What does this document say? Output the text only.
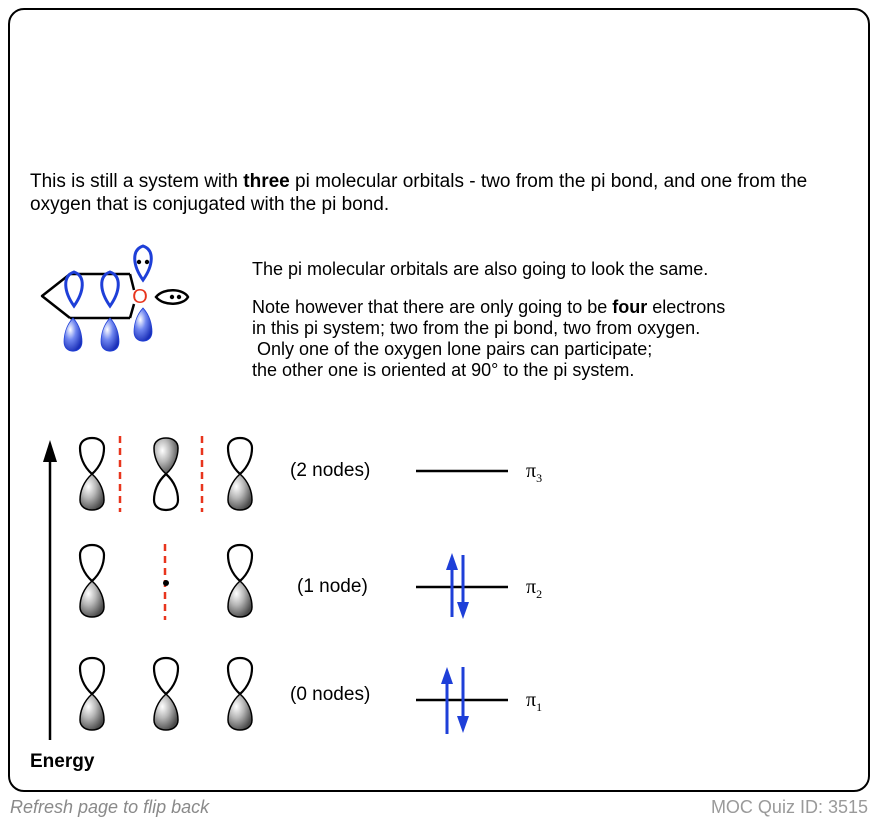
This is still a system with three pi molecular orbitals - two from the pi bond, and one from the oxygen that is conjugated with the pi bond.

The pi molecular orbitals are also going to look the same.

Note however that there are only going to be four electrons
in this pi system; two from the pi bond, two from oxygen.
Only one of the oxygen lone pairs can participate;
the other one is oriented at 90° to the pi system.

O
(2 nodes)
(1 node)
(0 nodes)
$\pi_3$
$\pi_2$
$\pi_1$
Energy
Refresh page to flip back	MOC Quiz ID: 3515
